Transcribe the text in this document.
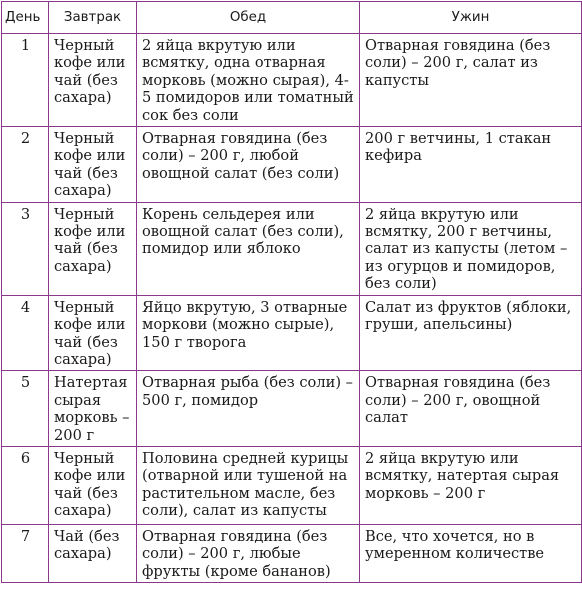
День	Завтрак	Обед	Ужин
1	Черный кофе или чай (без сахара)	2 яйца вкрутую или всмятку, одна отварная морковь (можно сырая), 4-5 помидоров или томатный сок без соли	Отварная говядина (без соли) – 200 г, салат из капусты
2	Черный кофе или чай (без сахара)	Отварная говядина (без соли) – 200 г, любой овощной салат (без соли)	200 г ветчины, 1 стакан кефира
3	Черный кофе или чай (без сахара)	Корень сельдерея или овощной салат (без соли), помидор или яблоко	2 яйца вкрутую или всмятку, 200 г ветчины, салат из капусты (летом – из огурцов и помидоров, без соли)
4	Черный кофе или чай (без сахара)	Яйцо вкрутую, 3 отварные моркови (можно сырые), 150 г творога	Салат из фруктов (яблоки, груши, апельсины)
5	Натертая сырая морковь – 200 г	Отварная рыба (без соли) – 500 г, помидор	Отварная говядина (без соли) – 200 г, овощной салат
6	Черный кофе или чай (без сахара)	Половина средней курицы (отварной или тушеной на растительном масле, без соли), салат из капусты	2 яйца вкрутую или всмятку, натертая сырая морковь – 200 г
7	Чай (без сахара)	Отварная говядина (без соли) – 200 г, любые фрукты (кроме бананов)	Все, что хочется, но в умеренном количестве
